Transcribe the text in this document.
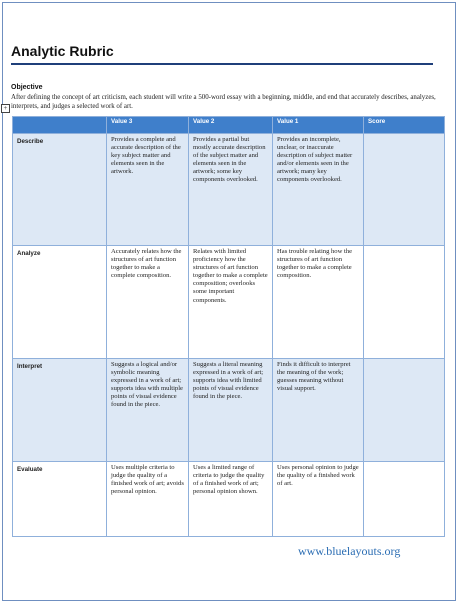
Analytic Rubric
Objective
After defining the concept of art criticism, each student will write a 500-word essay with a beginning, middle, and end that accurately describes, analyzes, interprets, and judges a selected work of art.
+
	Value 3	Value 2	Value 1	Score
Describe	Provides a complete and accurate description of the key subject matter and elements seen in the artwork.	Provides a partial but mostly accurate description of the subject matter and elements seen in the artwork; some key components overlooked.	Provides an incomplete, unclear, or inaccurate description of subject matter and/or elements seen in the artwork; many key components overlooked.	
Analyze	Accurately relates how the structures of art function together to make a complete composition.	Relates with limited proficiency how the structures of art function together to make a complete composition; overlooks some important components.	Has trouble relating how the structures of art function together to make a complete composition.	
Interpret	Suggests a logical and/or symbolic meaning expressed in a work of art; supports idea with multiple points of visual evidence found in the piece.	Suggests a literal meaning expressed in a work of art; supports idea with limited points of visual evidence found in the piece.	Finds it difficult to interpret the meaning of the work; guesses meaning without visual support.	
Evaluate	Uses multiple criteria to judge the quality of a finished work of art; avoids personal opinion.	Uses a limited range of criteria to judge the quality of a finished work of art; personal opinion shown.	Uses personal opinion to judge the quality of a finished work of art.	
www.bluelayouts.org
